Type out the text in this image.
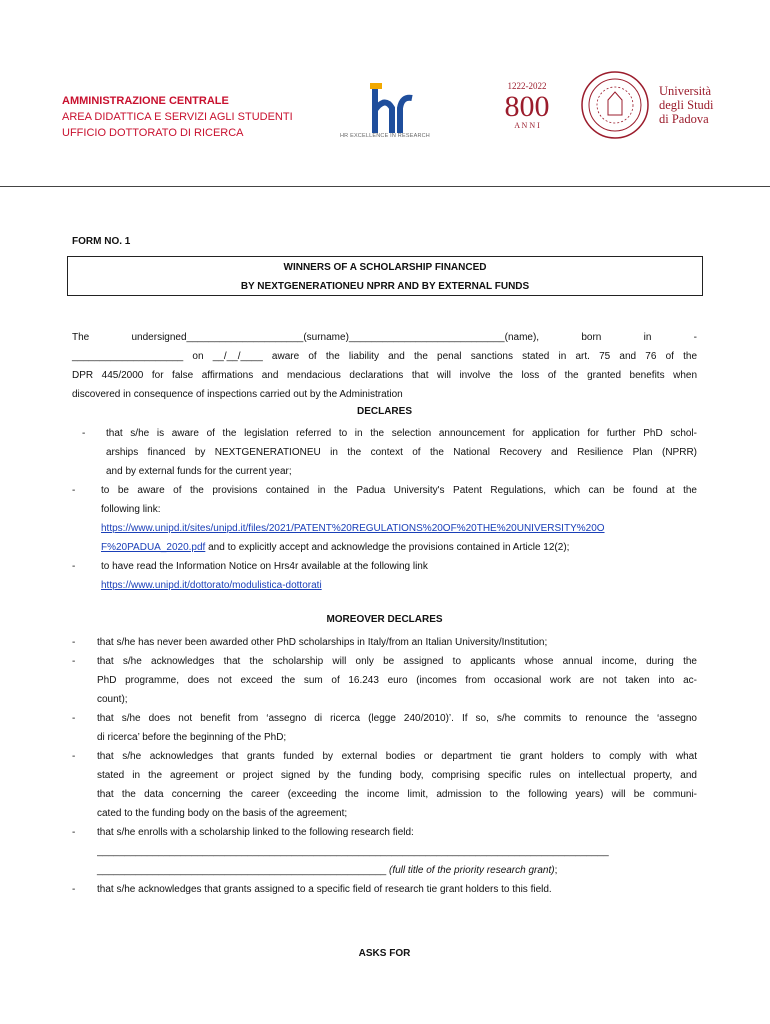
AMMINISTRAZIONE CENTRALE
AREA DIDATTICA E SERVIZI AGLI STUDENTI
UFFICIO DOTTORATO DI RICERCA	HR EXCELLENCE IN RESEARCH
1222-2022
800
A N N I
Università
degli Studi
di Padova
FORM NO. 1
WINNERS OF A SCHOLARSHIP FINANCED
BY NEXTGENERATIONEU NPRR AND BY EXTERNAL FUNDS
The undersigned_____________________(surname)____________________________(name), born in -
____________________ on __/__/____ aware of the liability and the penal sanctions stated in art. 75 and 76 of the
DPR 445/2000 for false affirmations and mendacious declarations that will involve the loss of the granted benefits when
discovered in consequence of inspections carried out by the Administration
DECLARES
- that s/he is aware of the legislation referred to in the selection announcement for application for further PhD schol-
arships financed by NEXTGENERATIONEU in the context of the National Recovery and Resilience Plan (NPRR)
and by external funds for the current year;
-	to be aware of the provisions contained in the Padua University's Patent Regulations, which can be found at the
following link:
https://www.unipd.it/sites/unipd.it/files/2021/PATENT%20REGULATIONS%20OF%20THE%20UNIVERSITY%20O
F%20PADUA_2020.pdf and to explicitly accept and acknowledge the provisions contained in Article 12(2);
-	to have read the Information Notice on Hrs4r available at the following link
https://www.unipd.it/dottorato/modulistica-dottorati
MOREOVER DECLARES
- that s/he has never been awarded other PhD scholarships in Italy/from an Italian University/Institution;
- that s/he acknowledges that the scholarship will only be assigned to applicants whose annual income, during the
PhD programme, does not exceed the sum of 16.243 euro (incomes from occasional work are not taken into ac-
count);
- that s/he does not benefit from ‘assegno di ricerca (legge 240/2010)’. If so, s/he commits to renounce the ‘assegno
di ricerca’ before the beginning of the PhD;
- that s/he acknowledges that grants funded by external bodies or department tie grant holders to comply with what
stated in the agreement or project signed by the funding body, comprising specific rules on intellectual property, and
that the data concerning the career (exceeding the income limit, admission to the following years) will be communi-
cated to the funding body on the basis of the agreement;
- that s/he enrolls with a scholarship linked to the following research field:
____________________________________________________________________________________________
____________________________________________________ (full title of the priority research grant);
- that s/he acknowledges that grants assigned to a specific field of research tie grant holders to this field.
ASKS FOR
